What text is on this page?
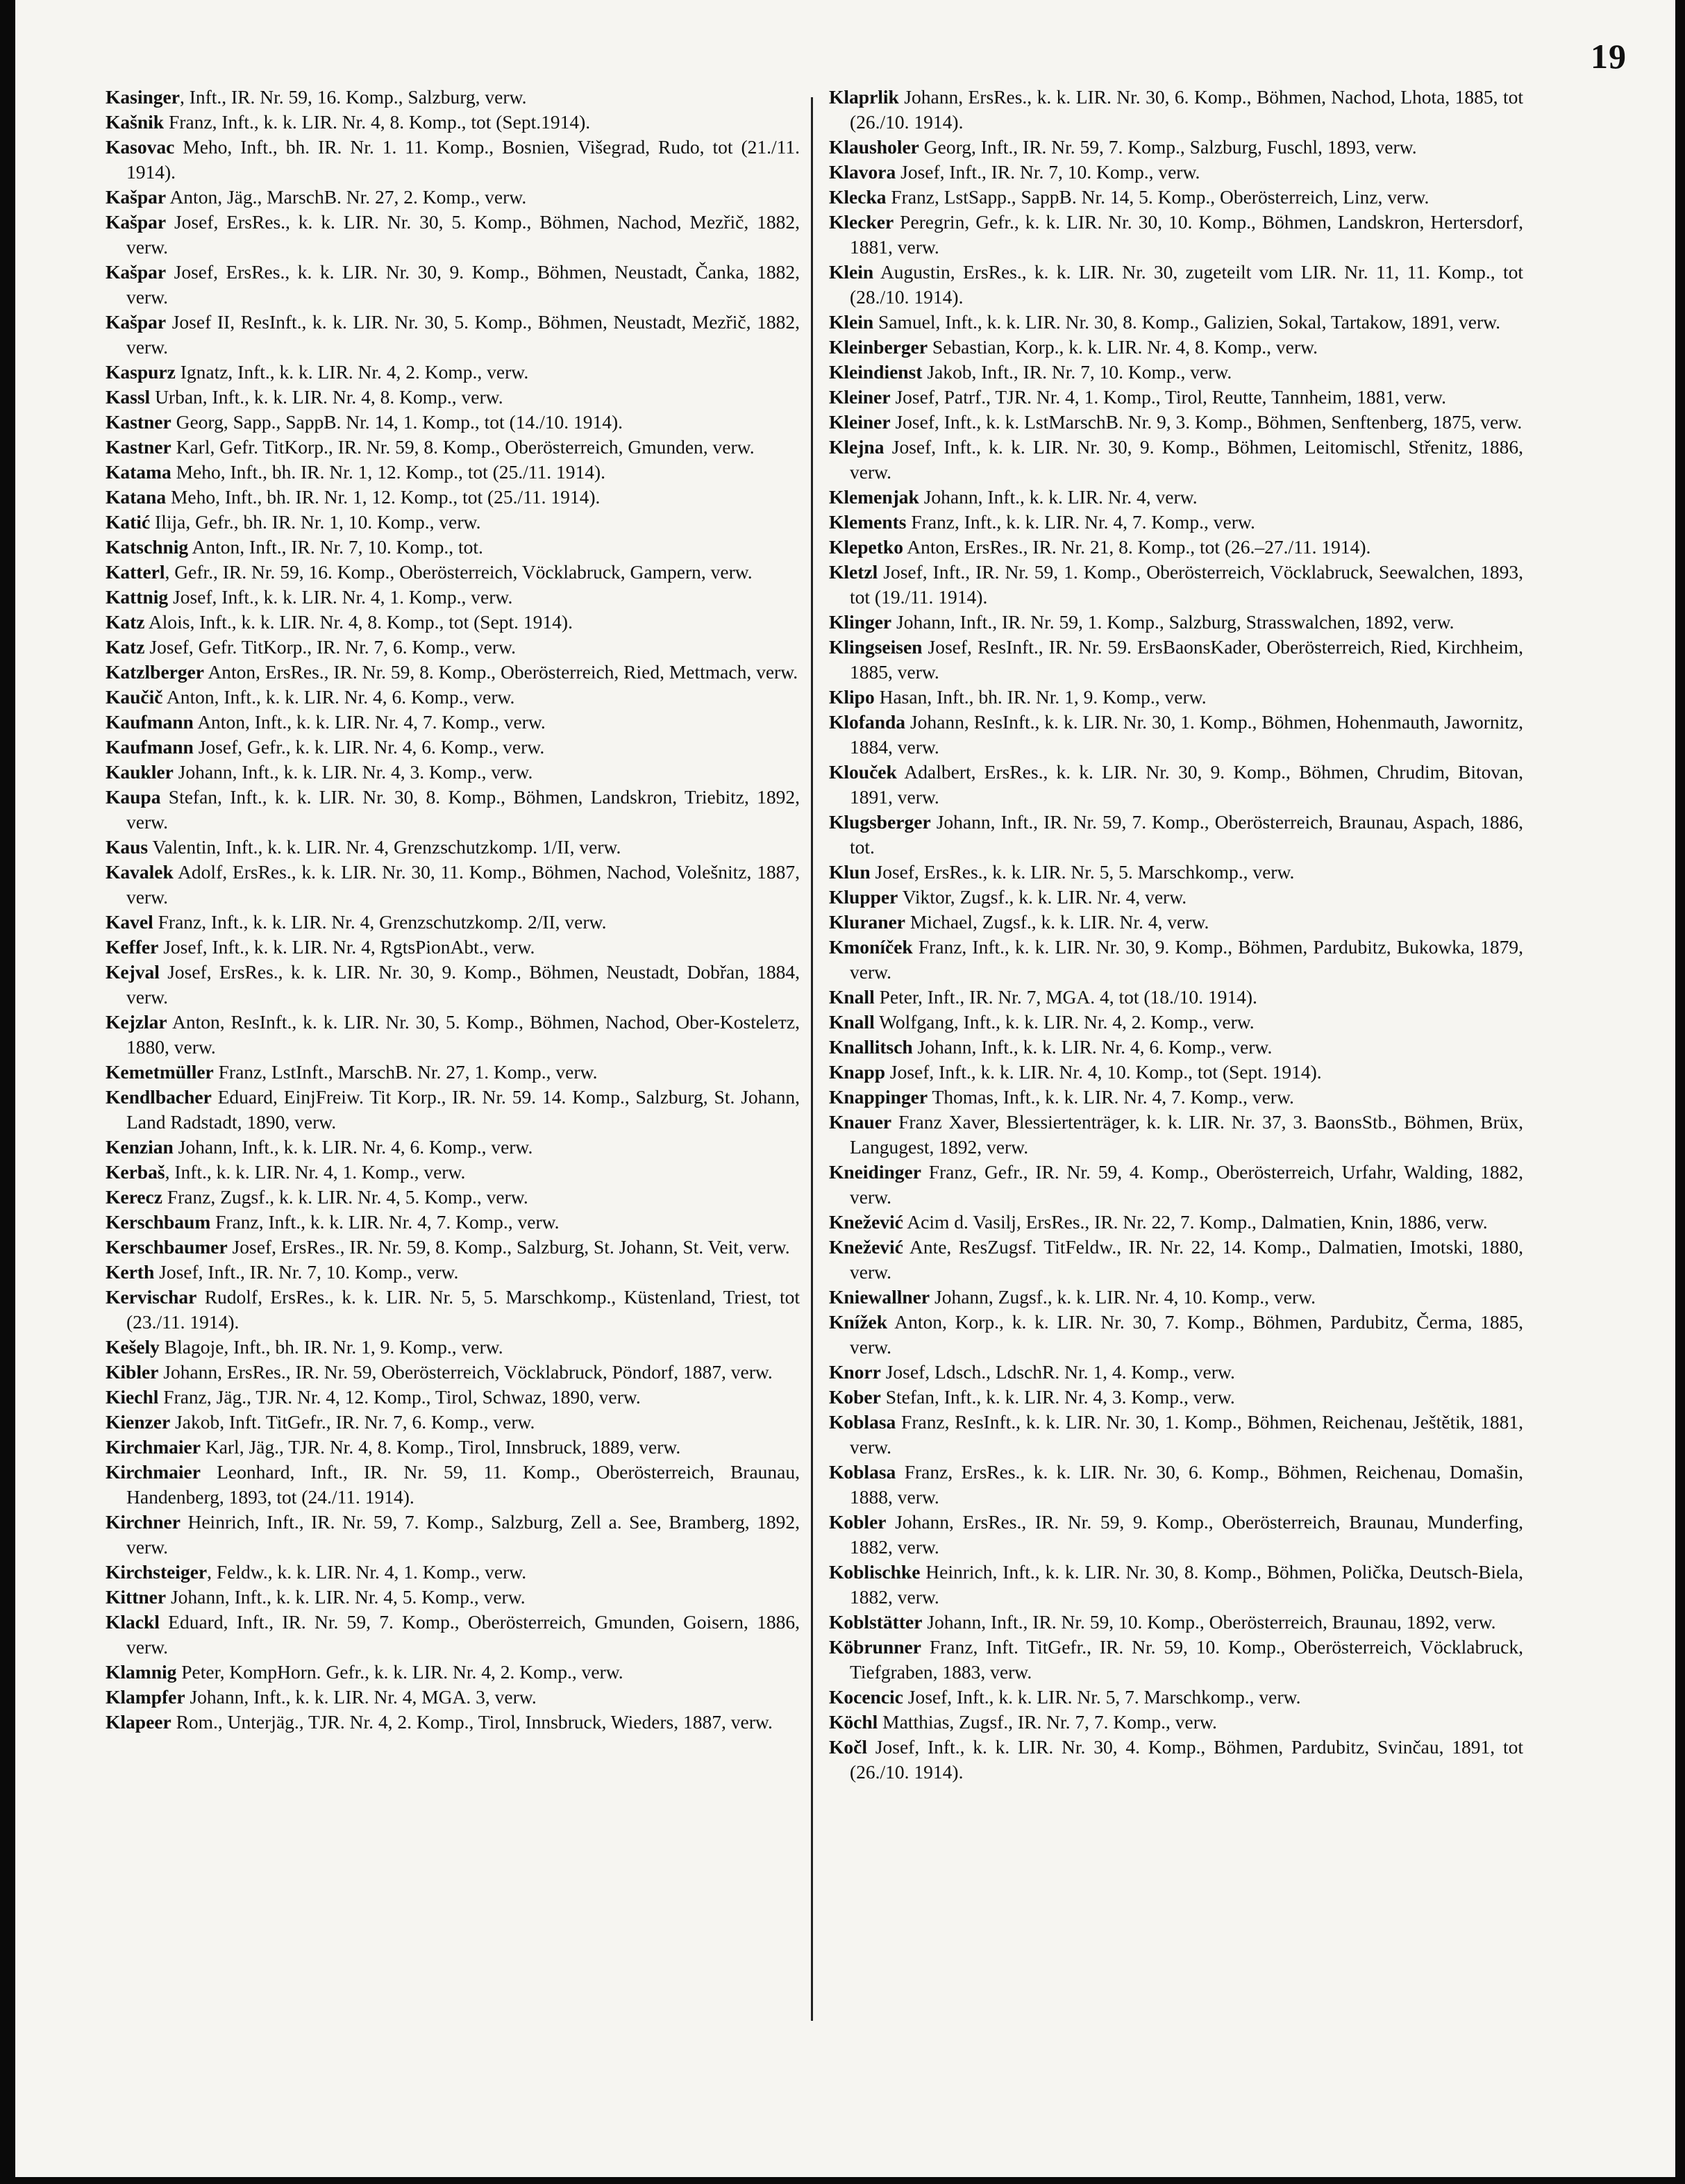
19

Kasinger, Inft., IR. Nr. 59, 16. Komp., Salzburg, verw.

Kašnik Franz, Inft., k. k. LIR. Nr. 4, 8. Komp., tot (Sept.1914).

Kasovac Meho, Inft., bh. IR. Nr. 1. 11. Komp., Bosnien, Višegrad, Rudo, tot (21./11. 1914).

Kašpar Anton, Jäg., MarschB. Nr. 27, 2. Komp., verw.

Kašpar Josef, ErsRes., k. k. LIR. Nr. 30, 5. Komp., Böhmen, Nachod, Mezřič, 1882, verw.

Kašpar Josef, ErsRes., k. k. LIR. Nr. 30, 9. Komp., Böhmen, Neustadt, Čanka, 1882, verw.

Kašpar Josef II, ResInft., k. k. LIR. Nr. 30, 5. Komp., Böhmen, Neustadt, Mezřič, 1882, verw.

Kaspurz Ignatz, Inft., k. k. LIR. Nr. 4, 2. Komp., verw.

Kassl Urban, Inft., k. k. LIR. Nr. 4, 8. Komp., verw.

Kastner Georg, Sapp., SappB. Nr. 14, 1. Komp., tot (14./10. 1914).

Kastner Karl, Gefr. TitKorp., IR. Nr. 59, 8. Komp., Oberösterreich, Gmunden, verw.

Katama Meho, Inft., bh. IR. Nr. 1, 12. Komp., tot (25./11. 1914).

Katana Meho, Inft., bh. IR. Nr. 1, 12. Komp., tot (25./11. 1914).

Katić Ilija, Gefr., bh. IR. Nr. 1, 10. Komp., verw.

Katschnig Anton, Inft., IR. Nr. 7, 10. Komp., tot.

Katterl, Gefr., IR. Nr. 59, 16. Komp., Oberösterreich, Vöcklabruck, Gampern, verw.

Kattnig Josef, Inft., k. k. LIR. Nr. 4, 1. Komp., verw.

Katz Alois, Inft., k. k. LIR. Nr. 4, 8. Komp., tot (Sept. 1914).

Katz Josef, Gefr. TitKorp., IR. Nr. 7, 6. Komp., verw.

Katzlberger Anton, ErsRes., IR. Nr. 59, 8. Komp., Oberösterreich, Ried, Mettmach, verw.

Kaučič Anton, Inft., k. k. LIR. Nr. 4, 6. Komp., verw.

Kaufmann Anton, Inft., k. k. LIR. Nr. 4, 7. Komp., verw.

Kaufmann Josef, Gefr., k. k. LIR. Nr. 4, 6. Komp., verw.

Kaukler Johann, Inft., k. k. LIR. Nr. 4, 3. Komp., verw.

Kaupa Stefan, Inft., k. k. LIR. Nr. 30, 8. Komp., Böhmen, Landskron, Triebitz, 1892, verw.

Kaus Valentin, Inft., k. k. LIR. Nr. 4, Grenzschutzkomp. 1/II, verw.

Kavalek Adolf, ErsRes., k. k. LIR. Nr. 30, 11. Komp., Böhmen, Nachod, Volešnitz, 1887, verw.

Kavel Franz, Inft., k. k. LIR. Nr. 4, Grenzschutzkomp. 2/II, verw.

Keffer Josef, Inft., k. k. LIR. Nr. 4, RgtsPionAbt., verw.

Kejval Josef, ErsRes., k. k. LIR. Nr. 30, 9. Komp., Böhmen, Neustadt, Dobřan, 1884, verw.

Kejzlar Anton, ResInft., k. k. LIR. Nr. 30, 5. Komp., Böhmen, Nachod, Ober-Kostelетz, 1880, verw.

Kemetmüller Franz, LstInft., MarschB. Nr. 27, 1. Komp., verw.

Kendlbacher Eduard, EinjFreiw. Tit Korp., IR. Nr. 59. 14. Komp., Salzburg, St. Johann, Land Radstadt, 1890, verw.

Kenzian Johann, Inft., k. k. LIR. Nr. 4, 6. Komp., verw.

Kerbaš, Inft., k. k. LIR. Nr. 4, 1. Komp., verw.

Kerecz Franz, Zugsf., k. k. LIR. Nr. 4, 5. Komp., verw.

Kerschbaum Franz, Inft., k. k. LIR. Nr. 4, 7. Komp., verw.

Kerschbaumer Josef, ErsRes., IR. Nr. 59, 8. Komp., Salzburg, St. Johann, St. Veit, verw.

Kerth Josef, Inft., IR. Nr. 7, 10. Komp., verw.

Kervischar Rudolf, ErsRes., k. k. LIR. Nr. 5, 5. Marschkomp., Küstenland, Triest, tot (23./11. 1914).

Kešely Blagoje, Inft., bh. IR. Nr. 1, 9. Komp., verw.

Kibler Johann, ErsRes., IR. Nr. 59, Oberösterreich, Vöcklabruck, Pöndorf, 1887, verw.

Kiechl Franz, Jäg., TJR. Nr. 4, 12. Komp., Tirol, Schwaz, 1890, verw.

Kienzer Jakob, Inft. TitGefr., IR. Nr. 7, 6. Komp., verw.

Kirchmaier Karl, Jäg., TJR. Nr. 4, 8. Komp., Tirol, Innsbruck, 1889, verw.

Kirchmaier Leonhard, Inft., IR. Nr. 59, 11. Komp., Oberösterreich, Braunau, Handenberg, 1893, tot (24./11. 1914).

Kirchner Heinrich, Inft., IR. Nr. 59, 7. Komp., Salzburg, Zell a. See, Bramberg, 1892, verw.

Kirchsteiger, Feldw., k. k. LIR. Nr. 4, 1. Komp., verw.

Kittner Johann, Inft., k. k. LIR. Nr. 4, 5. Komp., verw.

Klackl Eduard, Inft., IR. Nr. 59, 7. Komp., Oberösterreich, Gmunden, Goisern, 1886, verw.

Klamnig Peter, KompHorn. Gefr., k. k. LIR. Nr. 4, 2. Komp., verw.

Klampfer Johann, Inft., k. k. LIR. Nr. 4, MGA. 3, verw.

Klapeer Rom., Unterjäg., TJR. Nr. 4, 2. Komp., Tirol, Innsbruck, Wieders, 1887, verw.

Klaprlik Johann, ErsRes., k. k. LIR. Nr. 30, 6. Komp., Böhmen, Nachod, Lhota, 1885, tot (26./10. 1914).

Klausholer Georg, Inft., IR. Nr. 59, 7. Komp., Salzburg, Fuschl, 1893, verw.

Klavora Josef, Inft., IR. Nr. 7, 10. Komp., verw.

Klecka Franz, LstSapp., SappB. Nr. 14, 5. Komp., Oberösterreich, Linz, verw.

Klecker Peregrin, Gefr., k. k. LIR. Nr. 30, 10. Komp., Böhmen, Landskron, Hertersdorf, 1881, verw.

Klein Augustin, ErsRes., k. k. LIR. Nr. 30, zugeteilt vom LIR. Nr. 11, 11. Komp., tot (28./10. 1914).

Klein Samuel, Inft., k. k. LIR. Nr. 30, 8. Komp., Galizien, Sokal, Tartakow, 1891, verw.

Kleinberger Sebastian, Korp., k. k. LIR. Nr. 4, 8. Komp., verw.

Kleindienst Jakob, Inft., IR. Nr. 7, 10. Komp., verw.

Kleiner Josef, Patrf., TJR. Nr. 4, 1. Komp., Tirol, Reutte, Tannheim, 1881, verw.

Kleiner Josef, Inft., k. k. LstMarschB. Nr. 9, 3. Komp., Böhmen, Senftenberg, 1875, verw.

Klejna Josef, Inft., k. k. LIR. Nr. 30, 9. Komp., Böhmen, Leitomischl, Střenitz, 1886, verw.

Klemenjak Johann, Inft., k. k. LIR. Nr. 4, verw.

Klements Franz, Inft., k. k. LIR. Nr. 4, 7. Komp., verw.

Klepetko Anton, ErsRes., IR. Nr. 21, 8. Komp., tot (26.–27./11. 1914).

Kletzl Josef, Inft., IR. Nr. 59, 1. Komp., Oberösterreich, Vöcklabruck, Seewalchen, 1893, tot (19./11. 1914).

Klinger Johann, Inft., IR. Nr. 59, 1. Komp., Salzburg, Strasswalchen, 1892, verw.

Klingseisen Josef, ResInft., IR. Nr. 59. ErsBaonsKader, Oberösterreich, Ried, Kirchheim, 1885, verw.

Klipo Hasan, Inft., bh. IR. Nr. 1, 9. Komp., verw.

Klofanda Johann, ResInft., k. k. LIR. Nr. 30, 1. Komp., Böhmen, Hohenmauth, Jawornitz, 1884, verw.

Klouček Adalbert, ErsRes., k. k. LIR. Nr. 30, 9. Komp., Böhmen, Chrudim, Bitovan, 1891, verw.

Klugsberger Johann, Inft., IR. Nr. 59, 7. Komp., Oberösterreich, Braunau, Aspach, 1886, tot.

Klun Josef, ErsRes., k. k. LIR. Nr. 5, 5. Marschkomp., verw.

Klupper Viktor, Zugsf., k. k. LIR. Nr. 4, verw.

Kluraner Michael, Zugsf., k. k. LIR. Nr. 4, verw.

Kmoníček Franz, Inft., k. k. LIR. Nr. 30, 9. Komp., Böhmen, Pardubitz, Bukowka, 1879, verw.

Knall Peter, Inft., IR. Nr. 7, MGA. 4, tot (18./10. 1914).

Knall Wolfgang, Inft., k. k. LIR. Nr. 4, 2. Komp., verw.

Knallitsch Johann, Inft., k. k. LIR. Nr. 4, 6. Komp., verw.

Knapp Josef, Inft., k. k. LIR. Nr. 4, 10. Komp., tot (Sept. 1914).

Knappinger Thomas, Inft., k. k. LIR. Nr. 4, 7. Komp., verw.

Knauer Franz Xaver, Blessiertenträger, k. k. LIR. Nr. 37, 3. BaonsStb., Böhmen, Brüx, Langugest, 1892, verw.

Kneidinger Franz, Gefr., IR. Nr. 59, 4. Komp., Oberösterreich, Urfahr, Walding, 1882, verw.

Knežević Acim d. Vasilj, ErsRes., IR. Nr. 22, 7. Komp., Dalmatien, Knin, 1886, verw.

Knežević Ante, ResZugsf. TitFeldw., IR. Nr. 22, 14. Komp., Dalmatien, Imotski, 1880, verw.

Kniewallner Johann, Zugsf., k. k. LIR. Nr. 4, 10. Komp., verw.

Knížek Anton, Korp., k. k. LIR. Nr. 30, 7. Komp., Böhmen, Pardubitz, Čerma, 1885, verw.

Knorr Josef, Ldsch., LdschR. Nr. 1, 4. Komp., verw.

Kober Stefan, Inft., k. k. LIR. Nr. 4, 3. Komp., verw.

Koblasa Franz, ResInft., k. k. LIR. Nr. 30, 1. Komp., Böhmen, Reichenau, Ještětik, 1881, verw.

Koblasa Franz, ErsRes., k. k. LIR. Nr. 30, 6. Komp., Böhmen, Reichenau, Domašin, 1888, verw.

Kobler Johann, ErsRes., IR. Nr. 59, 9. Komp., Oberösterreich, Braunau, Munderfing, 1882, verw.

Koblischke Heinrich, Inft., k. k. LIR. Nr. 30, 8. Komp., Böhmen, Polička, Deutsch-Biela, 1882, verw.

Koblstätter Johann, Inft., IR. Nr. 59, 10. Komp., Oberösterreich, Braunau, 1892, verw.

Köbrunner Franz, Inft. TitGefr., IR. Nr. 59, 10. Komp., Oberösterreich, Vöcklabruck, Tiefgraben, 1883, verw.

Kocencic Josef, Inft., k. k. LIR. Nr. 5, 7. Marschkomp., verw.

Köchl Matthias, Zugsf., IR. Nr. 7, 7. Komp., verw.

Kočl Josef, Inft., k. k. LIR. Nr. 30, 4. Komp., Böhmen, Pardubitz, Svinčau, 1891, tot (26./10. 1914).
